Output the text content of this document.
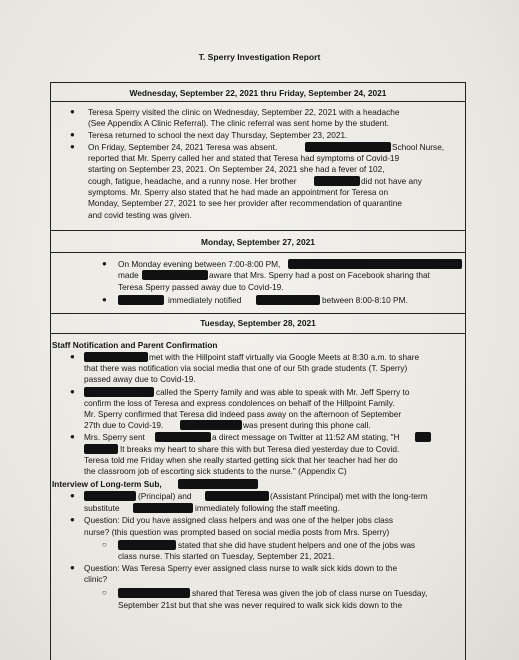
T. Sperry Investigation Report
Wednesday, September 22, 2021 thru Friday, September 24, 2021
● Teresa Sperry visited the clinic on Wednesday, September 22, 2021 with a headache
(See Appendix A Clinic Referral). The clinic referral was sent home by the student.
● Teresa returned to school the next day Thursday, September 23, 2021.
● On Friday, September 24, 2021 Teresa was absent.	School Nurse,
reported that Mr. Sperry called her and stated that Teresa had symptoms of Covid-19
starting on September 23, 2021. On September 24, 2021 she had a fever of 102,
cough, fatigue, headache, and a runny nose. Her brother	did not have any
symptoms. Mr. Sperry also stated that he had made an appointment for Teresa on
Monday, September 27, 2021 to see her provider after recommendation of quarantine
and covid testing was given.
Monday, September 27, 2021
● On Monday evening between 7:00-8:00 PM,
made	aware that Mrs. Sperry had a post on Facebook sharing that
Teresa Sperry passed away due to Covid-19.
●	immediately notified	between 8:00-8:10 PM.
Tuesday, September 28, 2021
Staff Notification and Parent Confirmation
●	met with the Hillpoint staff virtually via Google Meets at 8:30 a.m. to share
that there was notification via social media that one of our 5th grade students (T. Sperry)
passed away due to Covid-19.
●	called the Sperry family and was able to speak with Mr. Jeff Sperry to
confirm the loss of Teresa and express condolences on behalf of the Hillpoint Family.
Mr. Sperry confirmed that Teresa did indeed pass away on the afternoon of September
27th due to Covid-19.	was present during this phone call.
● Mrs. Sperry sent	a direct message on Twitter at 11:52 AM stating, "H
It breaks my heart to share this with but Teresa died yesterday due to Covid.
Teresa told me Friday when she really started getting sick that her teacher had her do
the classroom job of escorting sick students to the nurse." (Appendix C)
Interview of Long-term Sub,
●	(Principal) and	(Assistant Principal) met with the long-term
substitute	immediately following the staff meeting.
● Question: Did you have assigned class helpers and was one of the helper jobs class
nurse? (this question was prompted based on social media posts from Mrs. Sperry)
○	stated that she did have student helpers and one of the jobs was
class nurse. This started on Tuesday, September 21, 2021.
● Question: Was Teresa Sperry ever assigned class nurse to walk sick kids down to the
clinic?
○	shared that Teresa was given the job of class nurse on Tuesday,
September 21st but that she was never required to walk sick kids down to the
